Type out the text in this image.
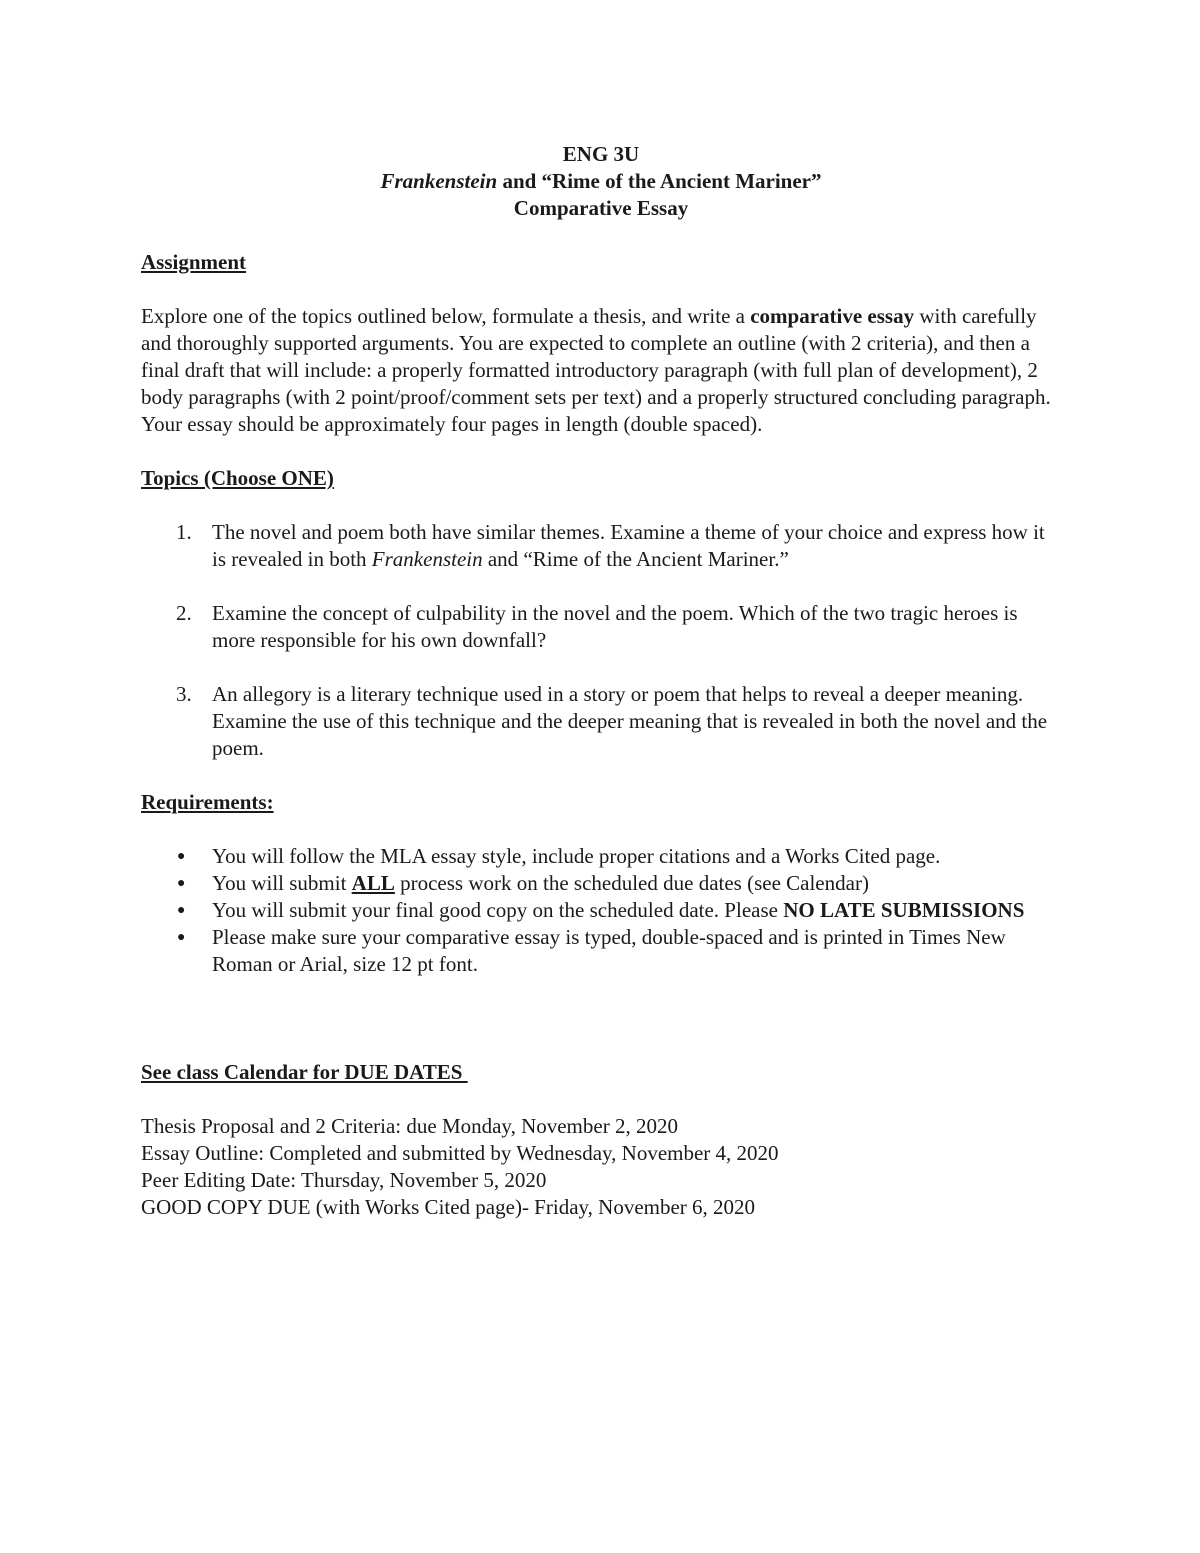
ENG 3U
Frankenstein and “Rime of the Ancient Mariner”
Comparative Essay

Assignment

Explore one of the topics outlined below, formulate a thesis, and write a comparative essay with carefully and thoroughly supported arguments. You are expected to complete an outline (with 2 criteria), and then a final draft that will include: a properly formatted introductory paragraph (with full plan of development), 2 body paragraphs (with 2 point/proof/comment sets per text) and a properly structured concluding paragraph. Your essay should be approximately four pages in length (double spaced).

Topics (Choose ONE)

1. The novel and poem both have similar themes. Examine a theme of your choice and express how it is revealed in both Frankenstein and “Rime of the Ancient Mariner.”
2. Examine the concept of culpability in the novel and the poem. Which of the two tragic heroes is more responsible for his own downfall?
3. An allegory is a literary technique used in a story or poem that helps to reveal a deeper meaning. Examine the use of this technique and the deeper meaning that is revealed in both the novel and the poem.

Requirements:

● You will follow the MLA essay style, include proper citations and a Works Cited page.
● You will submit ALL process work on the scheduled due dates (see Calendar)
● You will submit your final good copy on the scheduled date. Please NO LATE SUBMISSIONS
● Please make sure your comparative essay is typed, double-spaced and is printed in Times New Roman or Arial, size 12 pt font.

See class Calendar for DUE DATES

Thesis Proposal and 2 Criteria: due Monday, November 2, 2020

Essay Outline: Completed and submitted by Wednesday, November 4, 2020

Peer Editing Date: Thursday, November 5, 2020

GOOD COPY DUE (with Works Cited page)- Friday, November 6, 2020
